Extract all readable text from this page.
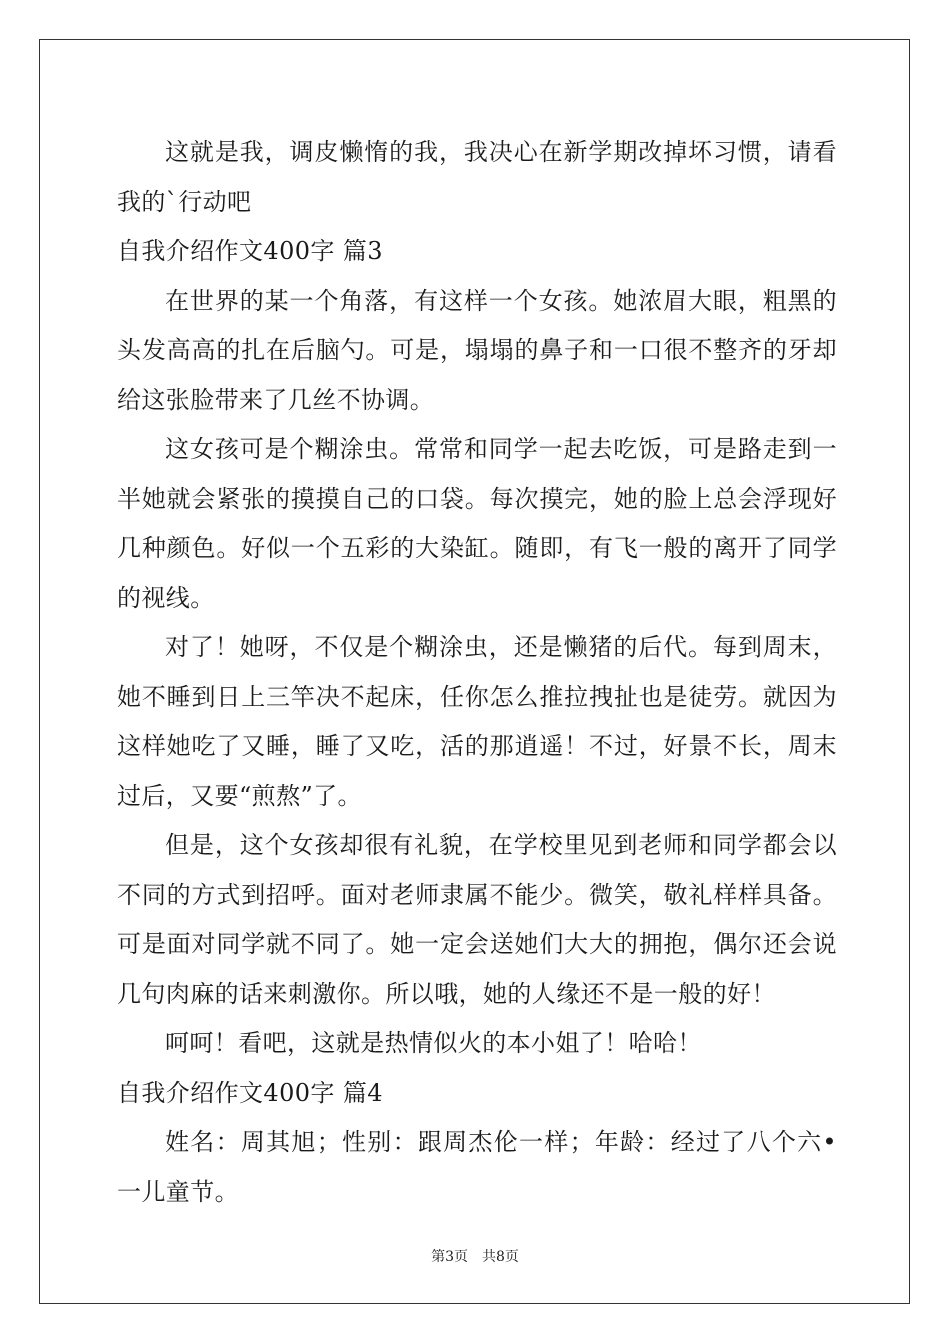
这就是我，调皮懒惰的我，我决心在新学期改掉坏习惯，请看我的`行动吧

自我介绍作文400字 篇3

在世界的某一个角落，有这样一个女孩。她浓眉大眼，粗黑的头发高高的扎在后脑勺。可是，塌塌的鼻子和一口很不整齐的牙却给这张脸带来了几丝不协调。

这女孩可是个糊涂虫。常常和同学一起去吃饭，可是路走到一半她就会紧张的摸摸自己的口袋。每次摸完，她的脸上总会浮现好几种颜色。好似一个五彩的大染缸。随即，有飞一般的离开了同学的视线。

对了！她呀，不仅是个糊涂虫，还是懒猪的后代。每到周末，她不睡到日上三竿决不起床，任你怎么推拉拽扯也是徒劳。就因为这样她吃了又睡，睡了又吃，活的那逍遥！不过，好景不长，周末过后，又要“煎熬”了。

但是，这个女孩却很有礼貌，在学校里见到老师和同学都会以不同的方式到招呼。面对老师隶属不能少。微笑，敬礼样样具备。可是面对同学就不同了。她一定会送她们大大的拥抱，偶尔还会说几句肉麻的话来刺激你。所以哦，她的人缘还不是一般的好！

呵呵！看吧，这就是热情似火的本小姐了！哈哈！

自我介绍作文400字 篇4

姓名：周其旭；性别：跟周杰伦一样；年龄：经过了八个六•一儿童节。

第3页 共8页
